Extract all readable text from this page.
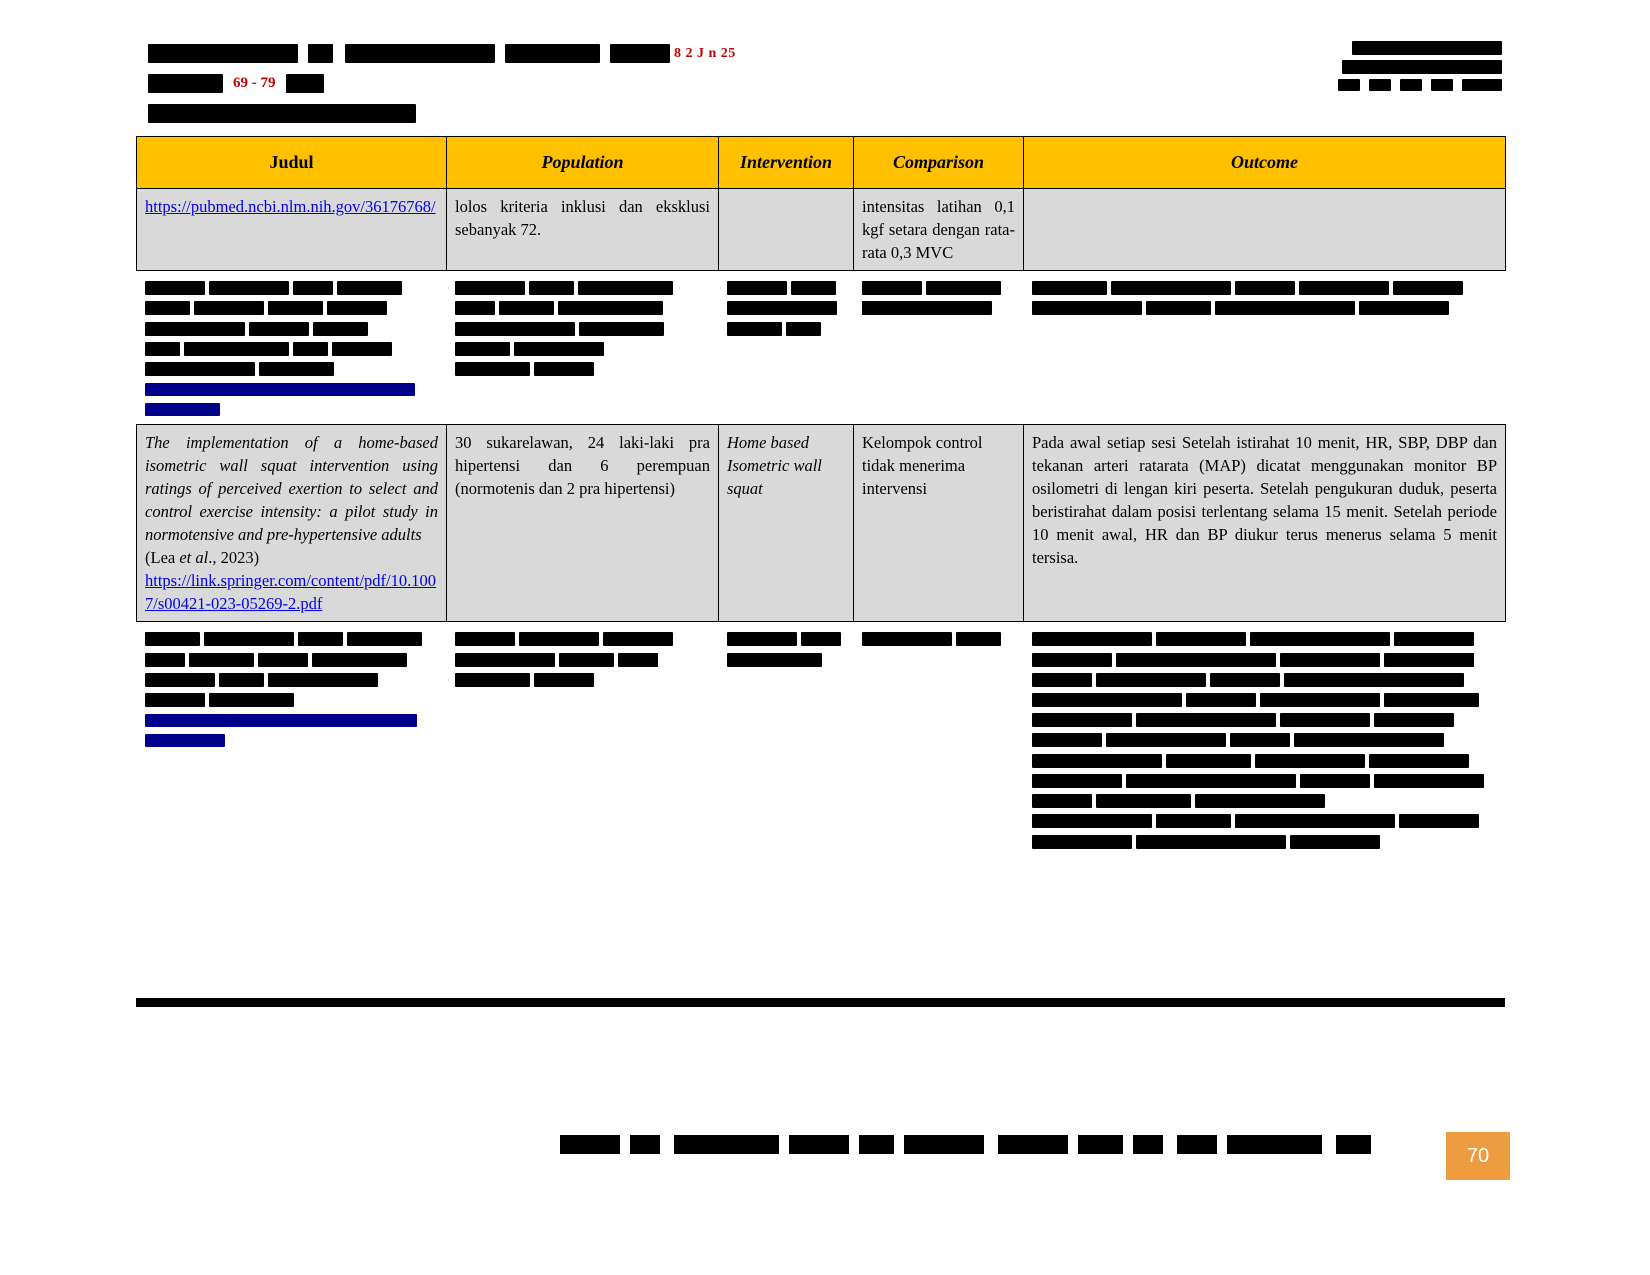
8 2 J n 25
69 - 79

Judul	Population	Intervention	Comparison	Outcome
https://pubmed.ncbi.nlm.nih.gov/36176768/	lolos kriteria inklusi dan eksklusi sebanyak 72.		intensitas latihan 0,1 kgf setara dengan rata-rata 0,3 MVC	

The implementation of a home-based isometric wall squat intervention using ratings of perceived exertion to select and control exercise intensity: a pilot study in normotensive and pre-hypertensive adults
(Lea et al., 2023)
https://link.springer.com/content/pdf/10.1007/s00421-023-05269-2.pdf	30 sukarelawan, 24 laki-laki pra hipertensi dan 6 perempuan (normotenis dan 2 pra hipertensi)	Home based Isometric wall squat	Kelompok control tidak menerima intervensi	Pada awal setiap sesi Setelah istirahat 10 menit, HR, SBP, DBP dan tekanan arteri ratarata (MAP) dicatat menggunakan monitor BP osilometri di lengan kiri peserta. Setelah pengukuran duduk, peserta beristirahat dalam posisi terlentang selama 15 menit. Setelah periode 10 menit awal, HR dan BP diukur terus menerus selama 5 menit tersisa.

70
